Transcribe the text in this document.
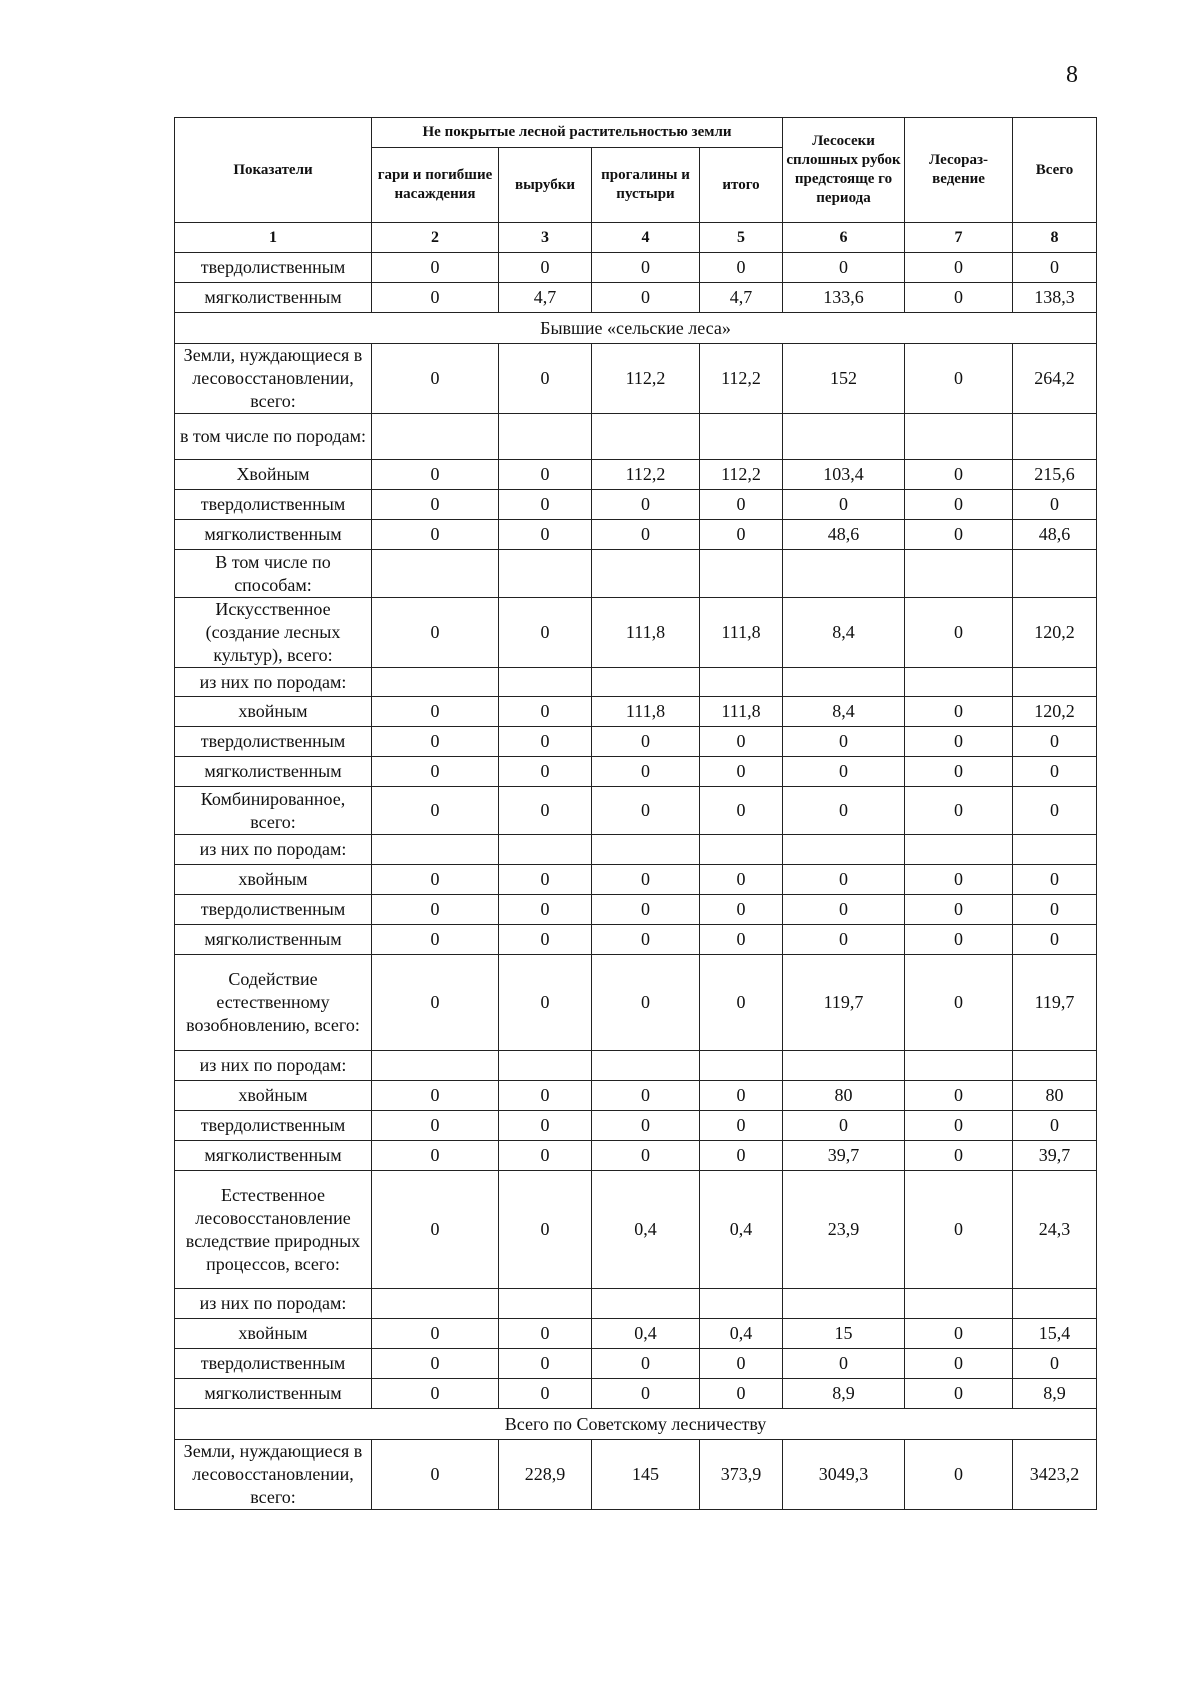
8
Показатели	Не покрытые лесной растительностью земли				Лесосеки сплошных рубок предстояще го периода	Лесораз-ведение	Всего
	гари и погибшие насаждения	вырубки	прогалины и пустыри	итого			
1	2	3	4	5	6	7	8
твердолиственным	0	0	0	0	0	0	0
мягколиственным	0	4,7	0	4,7	133,6	0	138,3
Бывшие «сельские леса»							
Земли, нуждающиеся в лесовосстановлении, всего:	0	0	112,2	112,2	152	0	264,2
в том числе по породам:							
Хвойным	0	0	112,2	112,2	103,4	0	215,6
твердолиственным	0	0	0	0	0	0	0
мягколиственным	0	0	0	0	48,6	0	48,6
В том числе по способам:							
Искусственное (создание лесных культур), всего:	0	0	111,8	111,8	8,4	0	120,2
из них по породам:							
хвойным	0	0	111,8	111,8	8,4	0	120,2
твердолиственным	0	0	0	0	0	0	0
мягколиственным	0	0	0	0	0	0	0
Комбинированное, всего:	0	0	0	0	0	0	0
из них по породам:							
хвойным	0	0	0	0	0	0	0
твердолиственным	0	0	0	0	0	0	0
мягколиственным	0	0	0	0	0	0	0
Содействие естественному возобновлению, всего:	0	0	0	0	119,7	0	119,7
из них по породам:							
хвойным	0	0	0	0	80	0	80
твердолиственным	0	0	0	0	0	0	0
мягколиственным	0	0	0	0	39,7	0	39,7
Естественное лесовосстановление вследствие природных процессов, всего:	0	0	0,4	0,4	23,9	0	24,3
из них по породам:							
хвойным	0	0	0,4	0,4	15	0	15,4
твердолиственным	0	0	0	0	0	0	0
мягколиственным	0	0	0	0	8,9	0	8,9
Всего по Советскому лесничеству							
Земли, нуждающиеся в лесовосстановлении, всего:	0	228,9	145	373,9	3049,3	0	3423,2
